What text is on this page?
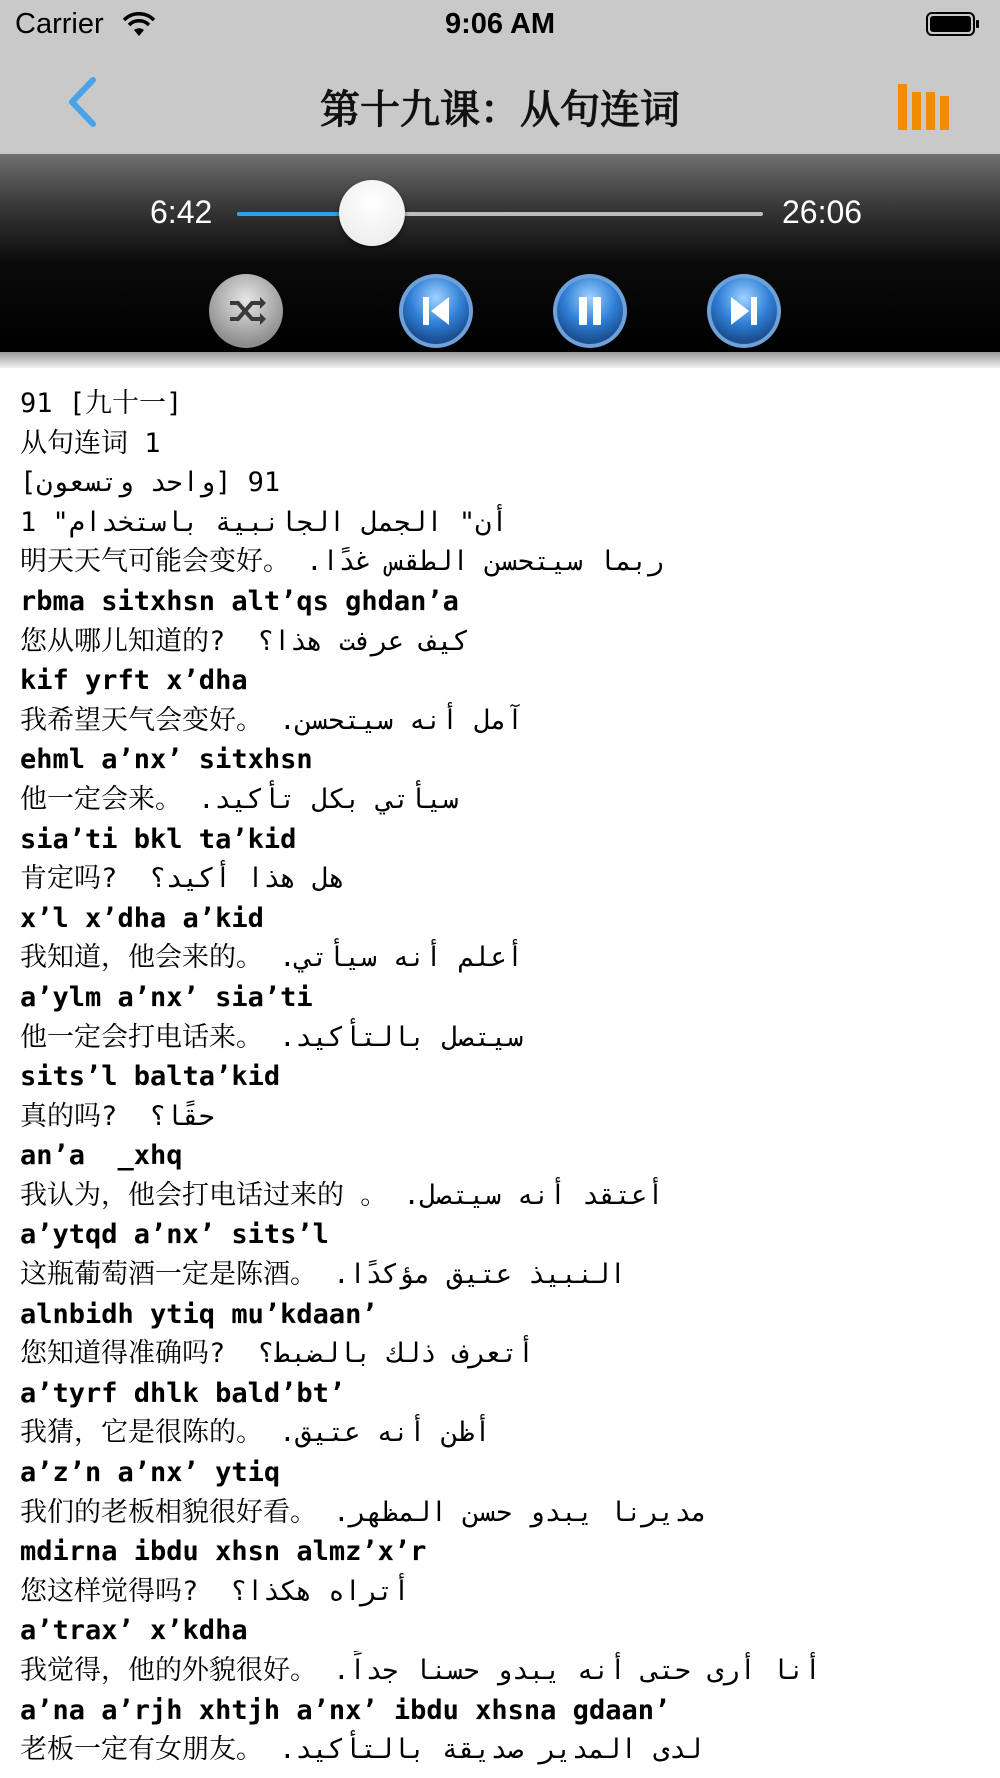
Carrier	9:06 AM
第十九课：从句连词
6:42	26:06
91 [九十一]
从句连词 1
[واحد وتسعون] 91
1 "أن" الجمل الجانبية باستخدام
明天天气可能会变好。 .ربما سيتحسن الطقس غدًا
rbma sitxhsn alt’qs ghdan’a
您从哪儿知道的?  كيف عرفت هذا؟
kif yrft x’dha
我希望天气会变好。 .آمل أنه سيتحسن
ehml a’nx’ sitxhsn
他一定会来。 .سيأتي بكل تأكيد
sia’ti bkl ta’kid
肯定吗?  هل هذا أكيد؟
x’l x’dha a’kid
我知道，他会来的。 .أعلم أنه سيأتي
a’ylm a’nx’ sia’ti
他一定会打电话来。 .سيتصل بالتأكيد
sits’l balta’kid
真的吗?  حقًا؟
an’a  _xhq
我认为，他会打电话过来的 。 .أعتقد أنه سيتصل
a’ytqd a’nx’ sits’l
这瓶葡萄酒一定是陈酒。 .النبيذ عتيق مؤكدًا
alnbidh ytiq mu’kdaan’
您知道得准确吗?  أتعرف ذلك بالضبط؟
a’tyrf dhlk bald’bt’
我猜，它是很陈的。 .أظن أنه عتيق
a’z’n a’nx’ ytiq
我们的老板相貌很好看。 .مديرنا يبدو حسن المظهر
mdirna ibdu xhsn almz’x’r
您这样觉得吗?  أتراه هكذا؟
a’trax’ x’kdha
我觉得，他的外貌很好。 .أنا أرى حتى أنه يبدو حسنا جداً
a’na a’rjh xhtjh a’nx’ ibdu xhsna gdaan’
老板一定有女朋友。 .لدى المدير صديقة بالتأكيد
